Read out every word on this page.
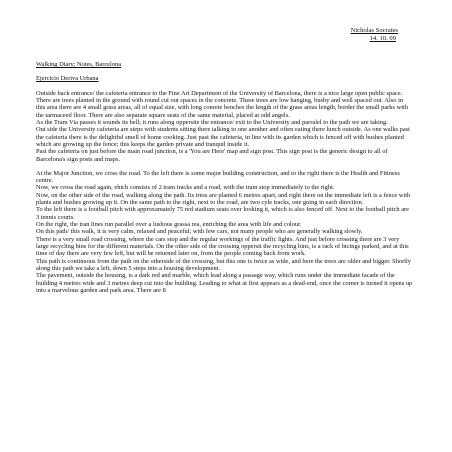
Nicholas Socrates
14. 10. 09
Walking Diary; Notes, Barcelona
Ejercicio Deriva Urbana

Outside back entrance/ the cafeteria entrance to the Fine Art Department of the University of Barcelona, there is a nice large open public space. There are trees planted in the ground with round cut out spaces in the concrete. These trees are low hanging, bushy and well spaced out. Also in this area there are 4 small grass areas, all of equal size, with long conrete benches the length of the grass areas length, border the small parks with the tarmaceed floor. There are also separate square seats of the same material, placed at odd angels.

As the Tram Via passes it sounds its bell; it runs along oppersite the entrance/ exit to the University and parralel to the path we are taking.

Out side the University cafeteria are steps with students sitting there talking to one another and often eating there lunch outside. As one walks past the cafeteria there is the delightful smell of home cooking. Just past the cafeteria, in line with its garden which is fenced off with bushes planted which are growing up the fence; this keeps the garden private and tranquil inside it.

Past the cafeteria on just before the main road junction, is a 'You are Here' map and sign post. This sign post is the generic design to all of Barcelona's sign posts and maps.

At the Major Junction, we cross the road. To the left there is some major building construction, and to the right there is the Health and Fittness centre.

Now, we cross the road again, ehich consists of 2 tram tracks and a road, with the tram stop immediately to the right.

Now, on the other side of the road, walking along the path. Its tress are planted 6 metres apart, and right there on the immediate left is a fence with plants and bushes growing up it. On the same path to the right, next to the road, are two cyle tracks, one going in each direction.

To the left there is a football pitch with approxamately 75 red stadium seats over looking it, which is also fenced off. Next to the football pitch are 3 tennis courts.

On the right, the tran lines run parallel over a lushous grassa rea, enriching the area with life and colour.

On this path/ this walk, it is very calm, relaxed and peaceful; with few cars, not many people who are generally walking slowly.

There is a very small road crossing, where the cars stop and the regular workings of the traffic lights. And just before crossing there are 3 very large recycling bins for the different materials. On the other side of the crossing oppersit the recycling bins, is a rack of bicings parked, and at this time of day there are very few left, but will be returned later on, from the people coming back from work.

This path is continuous from the path on the otherside of the crossing, but this one is twice as wide, and here the trees are older and bigger. Shortly along this path we take a left, down 5 steps into a housing development.

The pavement, outside the housing, is a dark red and marble, which lead along a passage way, which runs under the immediate facade of the building 4 metres wide and 3 metres deep cut into the building. Leading to what at first appears as a dead-end, once the corner is turned it opens up into a marvelous garden and park area. There are 8
